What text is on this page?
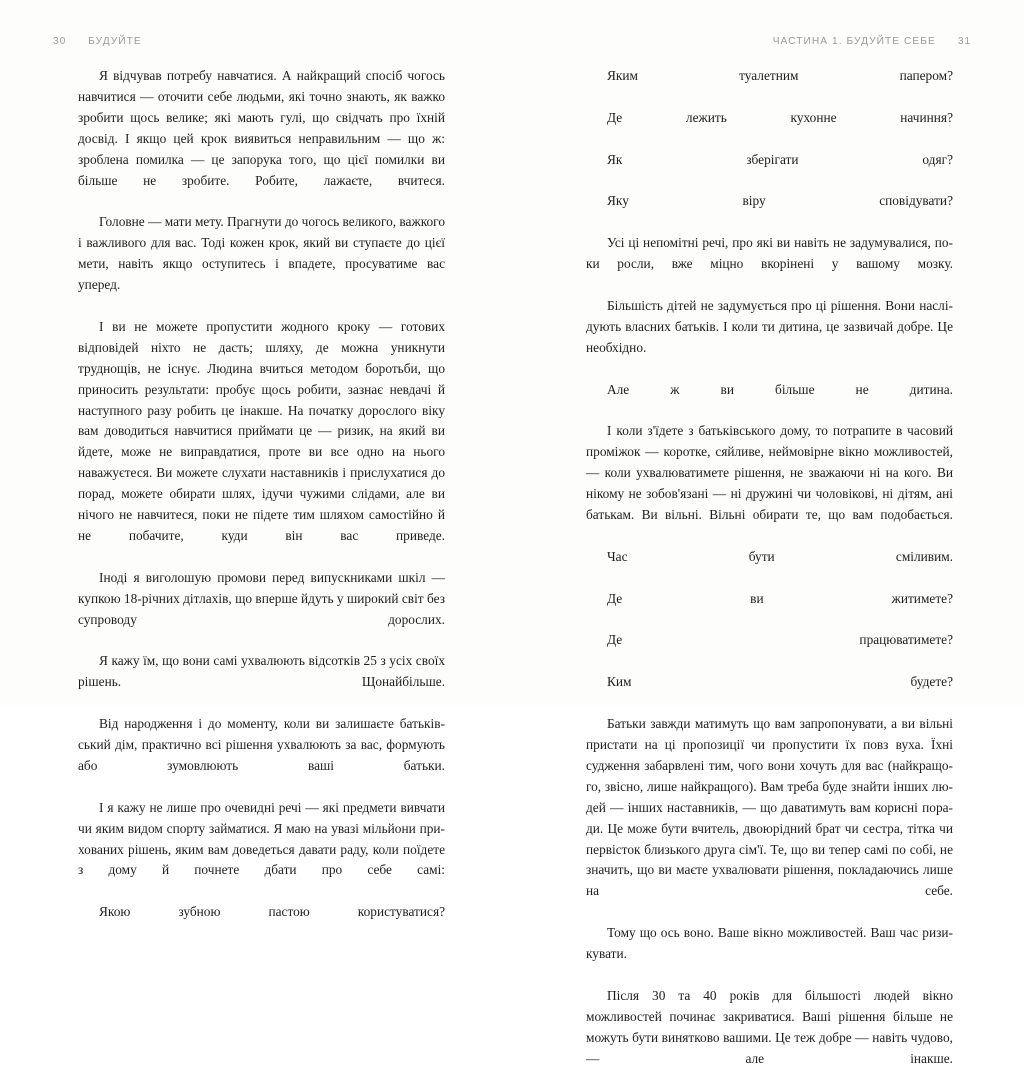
30 БУДУЙТЕ

Я відчував потребу навчатися. А найкращий спосіб чогось навчитися — оточити себе людьми, які точно знають, як важко зробити щось велике; які мають гулі, що свідчать про їхній досвід. І якщо цей крок виявиться неправильним — що ж: зроблена помилка — це запорука того, що цієї помилки ви більше не зробите. Робите, лажаєте, вчитеся.

Головне — мати мету. Прагнути до чогось великого, важкого і важливого для вас. Тоді кожен крок, який ви ступаєте до цієї мети, навіть якщо оступитесь і впадете, просуватиме вас уперед.

І ви не можете пропустити жодного кроку — готових відповідей ніхто не дасть; шляху, де можна уникнути труднощів, не існує. Людина вчиться методом боротьби, що приносить результати: пробує щось робити, зазнає невдачі й наступного разу робить це інакше. На початку дорослого віку вам доводиться навчитися приймати це — ризик, на який ви йдете, може не виправдатися, проте ви все одно на нього наважуєтеся. Ви можете слухати наставників і прислухатися до порад, можете обирати шлях, ідучи чужими слідами, але ви нічого не навчитеся, поки не підете тим шляхом самостійно й не побачите, куди він вас приведе.

Іноді я виголошую промови перед випускниками шкіл — купкою 18-річних дітлахів, що вперше йдуть у широкий світ без супроводу дорослих.

Я кажу їм, що вони самі ухвалюють відсотків 25 з усіх своїх рішень. Щонайбільше.

Від народження і до моменту, коли ви залишаєте батьківський дім, практично всі рішення ухвалюють за вас, формують або зумовлюють ваші батьки.

І я кажу не лише про очевидні речі — які предмети вивчати чи яким видом спорту займатися. Я маю на увазі мільйони прихованих рішень, яким вам доведеться давати раду, коли поїдете з дому й почнете дбати про себе самі:

Якою зубною пастою користуватися?

ЧАСТИНА 1. БУДУЙТЕ СЕБЕ 31

Яким туалетним папером?

Де лежить кухонне начиння?

Як зберігати одяг?

Яку віру сповідувати?

Усі ці непомітні речі, про які ви навіть не задумувалися, поки росли, вже міцно вкорінені у вашому мозку.

Більшість дітей не задумується про ці рішення. Вони наслідують власних батьків. І коли ти дитина, це зазвичай добре. Це необхідно.

Але ж ви більше не дитина.

І коли з'їдете з батьківського дому, то потрапите в часовий проміжок — коротке, сяйливе, неймовірне вікно можливостей, — коли ухвалюватимете рішення, не зважаючи ні на кого. Ви нікому не зобов'язані — ні дружині чи чоловікові, ні дітям, ані батькам. Ви вільні. Вільні обирати те, що вам подобається.

Час бути сміливим.

Де ви житимете?

Де працюватимете?

Ким будете?

Батьки завжди матимуть що вам запропонувати, а ви вільні пристати на ці пропозиції чи пропустити їх повз вуха. Їхні судження забарвлені тим, чого вони хочуть для вас (найкращого, звісно, лише найкращого). Вам треба буде знайти інших людей — інших наставників, — що даватимуть вам корисні поради. Це може бути вчитель, двоюрідний брат чи сестра, тітка чи первісток близького друга сім'ї. Те, що ви тепер самі по собі, не значить, що ви маєте ухвалювати рішення, покладаючись лише на себе.

Тому що ось воно. Ваше вікно можливостей. Ваш час ризикувати.

Після 30 та 40 років для більшості людей вікно можливостей починає закриватися. Ваші рішення більше не можуть бути винятково вашими. Це теж добре — навіть чудово, — але інакше.
